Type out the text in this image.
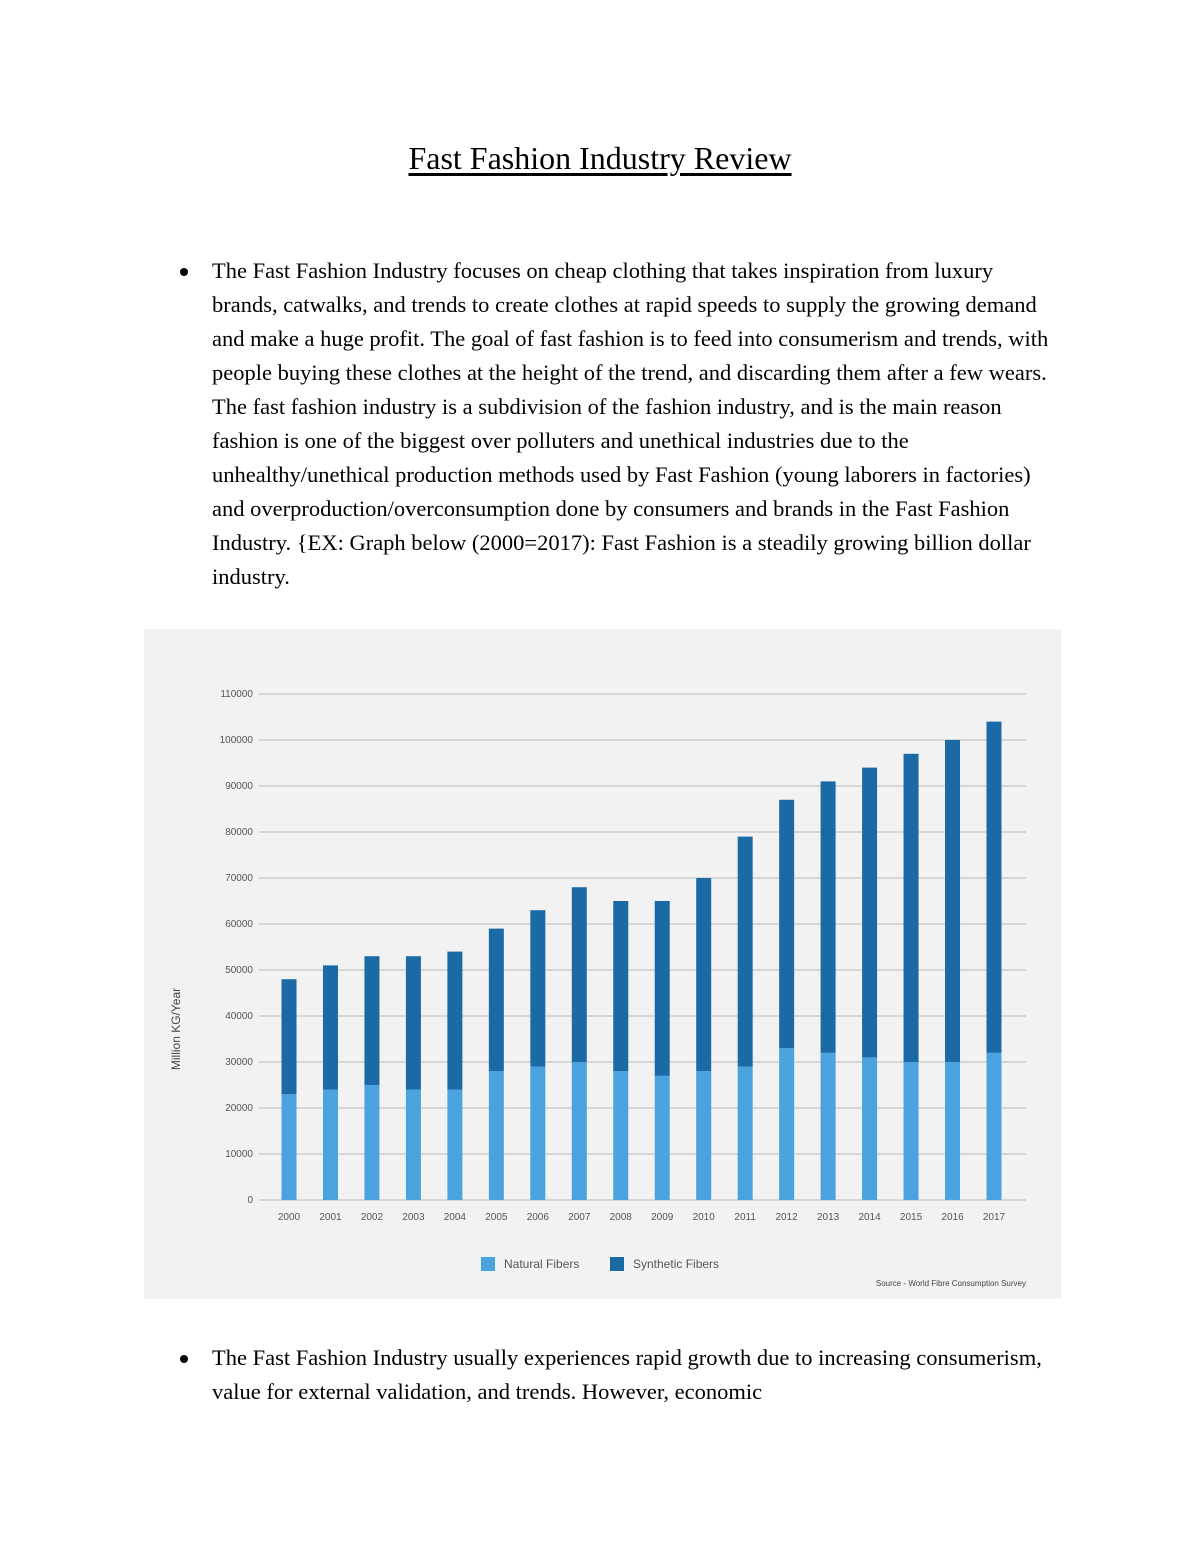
Fast Fashion Industry Review

The Fast Fashion Industry focuses on cheap clothing that takes inspiration from luxury brands, catwalks, and trends to create clothes at rapid speeds to supply the growing demand and make a huge profit. The goal of fast fashion is to feed into consumerism and trends, with people buying these clothes at the height of the trend, and discarding them after a few wears. The fast fashion industry is a subdivision of the fashion industry, and is the main reason fashion is one of the biggest over polluters and unethical industries due to the unhealthy/unethical production methods used by Fast Fashion (young laborers in factories) and overproduction/overconsumption done by consumers and brands in the Fast Fashion Industry. {EX: Graph below (2000=2017): Fast Fashion is a steadily growing billion dollar industry.

0
10000
20000
30000
40000
50000
60000
70000
80000
90000
100000
110000
2000 2001 2002 2003 2004 2005 2006 2007 2008 2009 2010 2011 2012 2013 2014 2015 2016 2017
Million KG/Year
Natural Fibers	Synthetic Fibers
Source - World Fibre Consumption Survey

The Fast Fashion Industry usually experiences rapid growth due to increasing consumerism, value for external validation, and trends. However, economic
